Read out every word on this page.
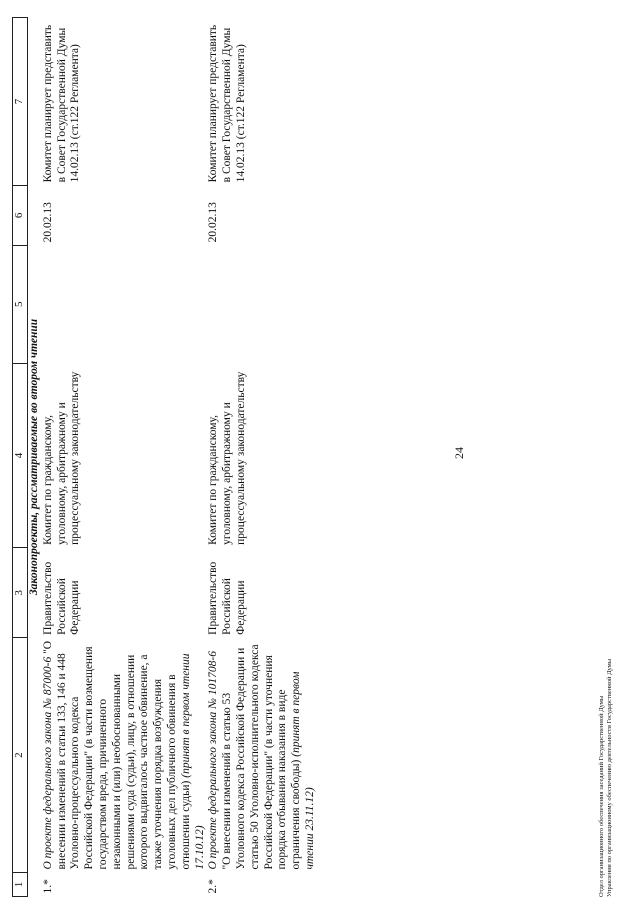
24
1	2	3	4	5	6	7
Законопроекты, рассматриваемые во втором чтении						
1.*	О проекте федерального закона № 87000-6 "О внесении изменений в статьи 133, 146 и 448 Уголовно-процессуального кодекса Российской Федерации" (в части возмещения государством вреда, причиненного незаконными и (или) необоснованными решениями суда (судьи), лицу, в отношении которого выдвигалось частное обвинение, а также уточнения порядка возбуждения уголовных дел публичного обвинения в отношении судьи) (принят в первом чтении 17.10.12)	Правительство Российской Федерации	Комитет по гражданскому, уголовному, арбитражному и процессуальному законодательству		20.02.13	Комитет планирует представить в Совет Государственной Думы 14.02.13 (ст.122 Регламента)
2.*	О проекте федерального закона № 101708-6 "О внесении изменений в статью 53 Уголовного кодекса Российской Федерации и статью 50 Уголовно-исполнительного кодекса Российской Федерации" (в части уточнения порядка отбывания наказания в виде ограничения свободы) (принят в первом чтении 23.11.12)	Правительство Российской Федерации	Комитет по гражданскому, уголовному, арбитражному и процессуальному законодательству		20.02.13	Комитет планирует представить в Совет Государственной Думы 14.02.13 (ст.122 Регламента)
Отдел организационного обеспечения заседаний Государственной Думы Управления по организационному обеспечению деятельности Государственной Думы
